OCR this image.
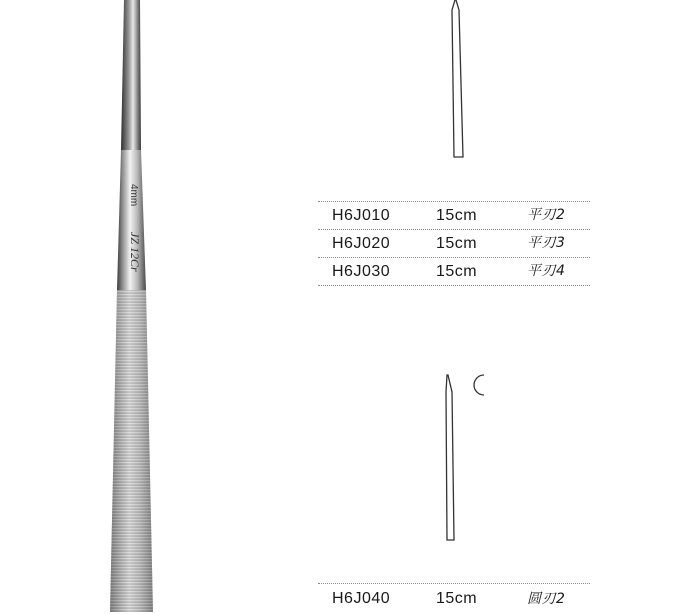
4mm
JZ 12Cr
H6J010	15cm	平刃2
H6J020	15cm	平刃3
H6J030	15cm	平刃4
H6J040	15cm	圆刃2
